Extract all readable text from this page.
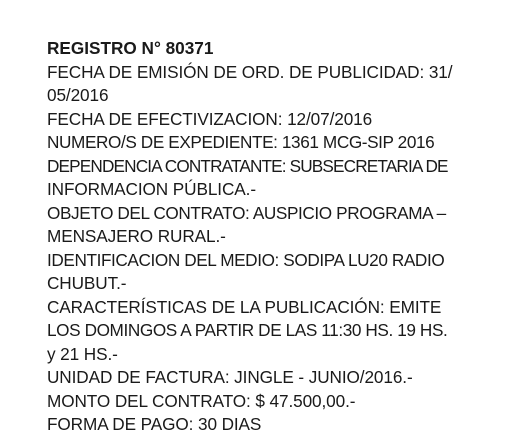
REGISTRO N° 80371
FECHA DE EMISIÓN DE ORD. DE PUBLICIDAD: 31/
05/2016
FECHA DE EFECTIVIZACION: 12/07/2016
NUMERO/S DE EXPEDIENTE: 1361 MCG-SIP 2016
DEPENDENCIA CONTRATANTE: SUBSECRETARIA DE
INFORMACION PÚBLICA.-
OBJETO DEL CONTRATO: AUSPICIO PROGRAMA –
MENSAJERO RURAL.-
IDENTIFICACION DEL MEDIO: SODIPA LU20 RADIO
CHUBUT.-
CARACTERÍSTICAS DE LA PUBLICACIÓN: EMITE
LOS DOMINGOS A PARTIR DE LAS 11:30 HS. 19 HS.
y 21 HS.-
UNIDAD DE FACTURA: JINGLE - JUNIO/2016.-
MONTO DEL CONTRATO: $ 47.500,00.-
FORMA DE PAGO: 30 DIAS
